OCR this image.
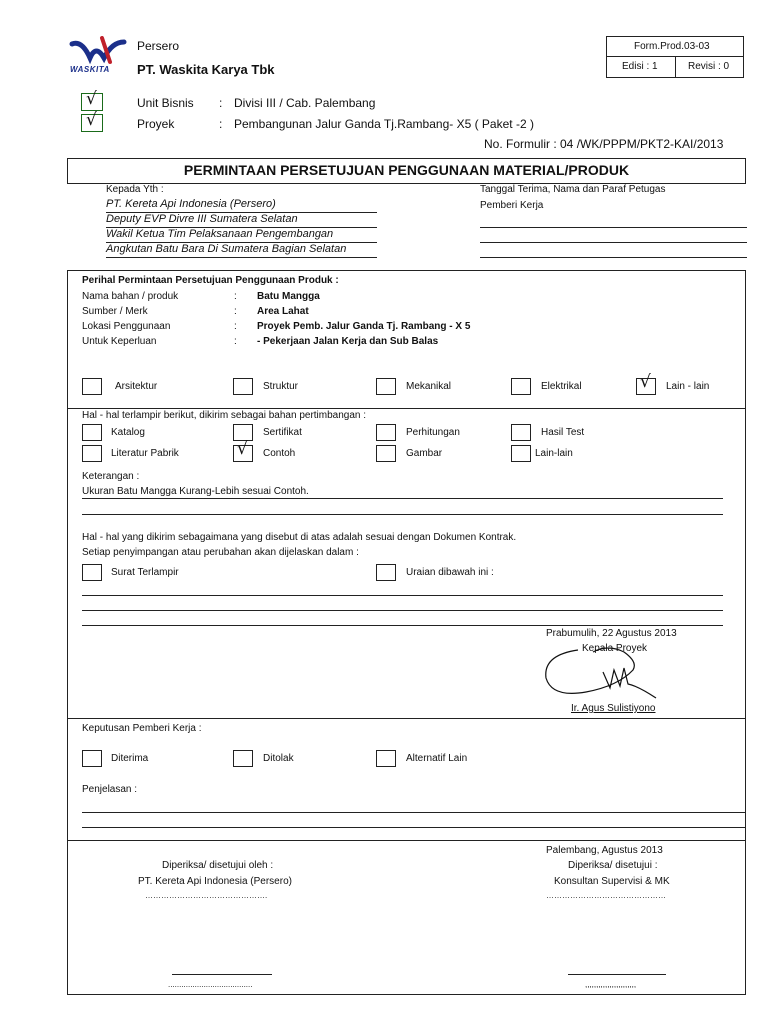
WASKITA
Persero
PT. Waskita Karya Tbk
Form.Prod.03-03
Edisi : 1	Revisi : 0
√
√
Unit Bisnis : Divisi III / Cab. Palembang
Proyek	: Pembangunan Jalur Ganda Tj.Rambang- X5 ( Paket -2 )
No. Formulir : 04 /WK/PPPM/PKT2-KAI/2013
PERMINTAAN PERSETUJUAN PENGGUNAAN MATERIAL/PRODUK
Kepada Yth :
PT. Kereta Api Indonesia (Persero)
Deputy EVP Divre III Sumatera Selatan
Wakil Ketua Tim Pelaksanaan Pengembangan
Angkutan Batu Bara Di Sumatera Bagian Selatan
Tanggal Terima, Nama dan Paraf Petugas
Pemberi Kerja
Perihal Permintaan Persetujuan Penggunaan Produk :
Nama bahan / produk	: Batu Mangga
Sumber / Merk	: Area Lahat
Lokasi Penggunaan	: Proyek Pemb. Jalur Ganda Tj. Rambang - X 5
Untuk Keperluan	: - Pekerjaan Jalan Kerja dan Sub Balas
Arsitektur	Struktur	Mekanikal	Elektrikal	√ Lain - lain
Hal - hal terlampir berikut, dikirim sebagai bahan pertimbangan :
Katalog	Sertifikat	Perhitungan	Hasil Test
Literatur Pabrik	√ Contoh	Gambar	Lain-lain
Keterangan :
Ukuran Batu Mangga Kurang-Lebih sesuai Contoh.
Hal - hal yang dikirim sebagaimana yang disebut di atas adalah sesuai dengan Dokumen Kontrak.
Setiap penyimpangan atau perubahan akan dijelaskan dalam :
Surat Terlampir	Uraian dibawah ini :
Prabumulih, 22 Agustus 2013
Kepala Proyek
Ir. Agus Sulistiyono
Keputusan Pemberi Kerja :
Diterima	Ditolak	Alternatif Lain
Penjelasan :
Palembang, Agustus 2013
Diperiksa/ disetujui oleh :
PT. Kereta Api Indonesia (Persero)
……………………………………….
Diperiksa/ disetujui :
Konsultan Supervisi & MK
………………………………………
......................................	,,,,,,,,,,,,,,,,,,,,,,,
